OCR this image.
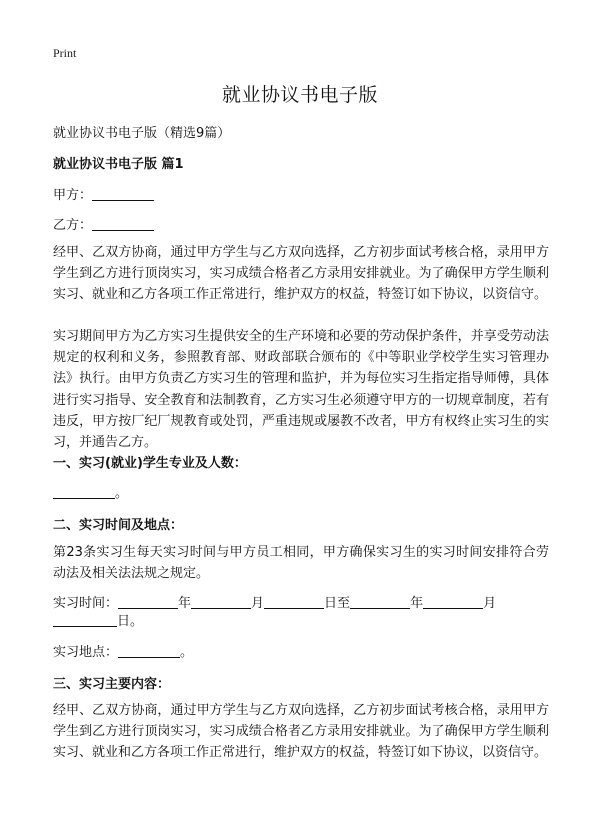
Print
就业协议书电子版
就业协议书电子版（精选9篇）
就业协议书电子版 篇1
甲方：
乙方：
经甲、乙双方协商，通过甲方学生与乙方双向选择，乙方初步面试考核合格，录用甲方学生到乙方进行顶岗实习，实习成绩合格者乙方录用安排就业。为了确保甲方学生顺利实习、就业和乙方各项工作正常进行，维护双方的权益，特签订如下协议，以资信守。
实习期间甲方为乙方实习生提供安全的生产环境和必要的劳动保护条件，并享受劳动法规定的权利和义务，参照教育部、财政部联合颁布的《中等职业学校学生实习管理办法》执行。由甲方负责乙方实习生的管理和监护，并为每位实习生指定指导师傅，具体进行实习指导、安全教育和法制教育，乙方实习生必须遵守甲方的一切规章制度，若有违反，甲方按厂纪厂规教育或处罚，严重违规或屡教不改者，甲方有权终止实习生的实习，并通告乙方。
一、实习(就业)学生专业及人数：
。
二、实习时间及地点：
第23条实习生每天实习时间与甲方员工相同，甲方确保实习生的实习时间安排符合劳动法及相关法法规之规定。
实习时间：	年	月	日至	年	月
日。
实习地点：	。
三、实习主要内容：
经甲、乙双方协商，通过甲方学生与乙方双向选择，乙方初步面试考核合格，录用甲方学生到乙方进行顶岗实习，实习成绩合格者乙方录用安排就业。为了确保甲方学生顺利实习、就业和乙方各项工作正常进行，维护双方的权益，特签订如下协议，以资信守。
